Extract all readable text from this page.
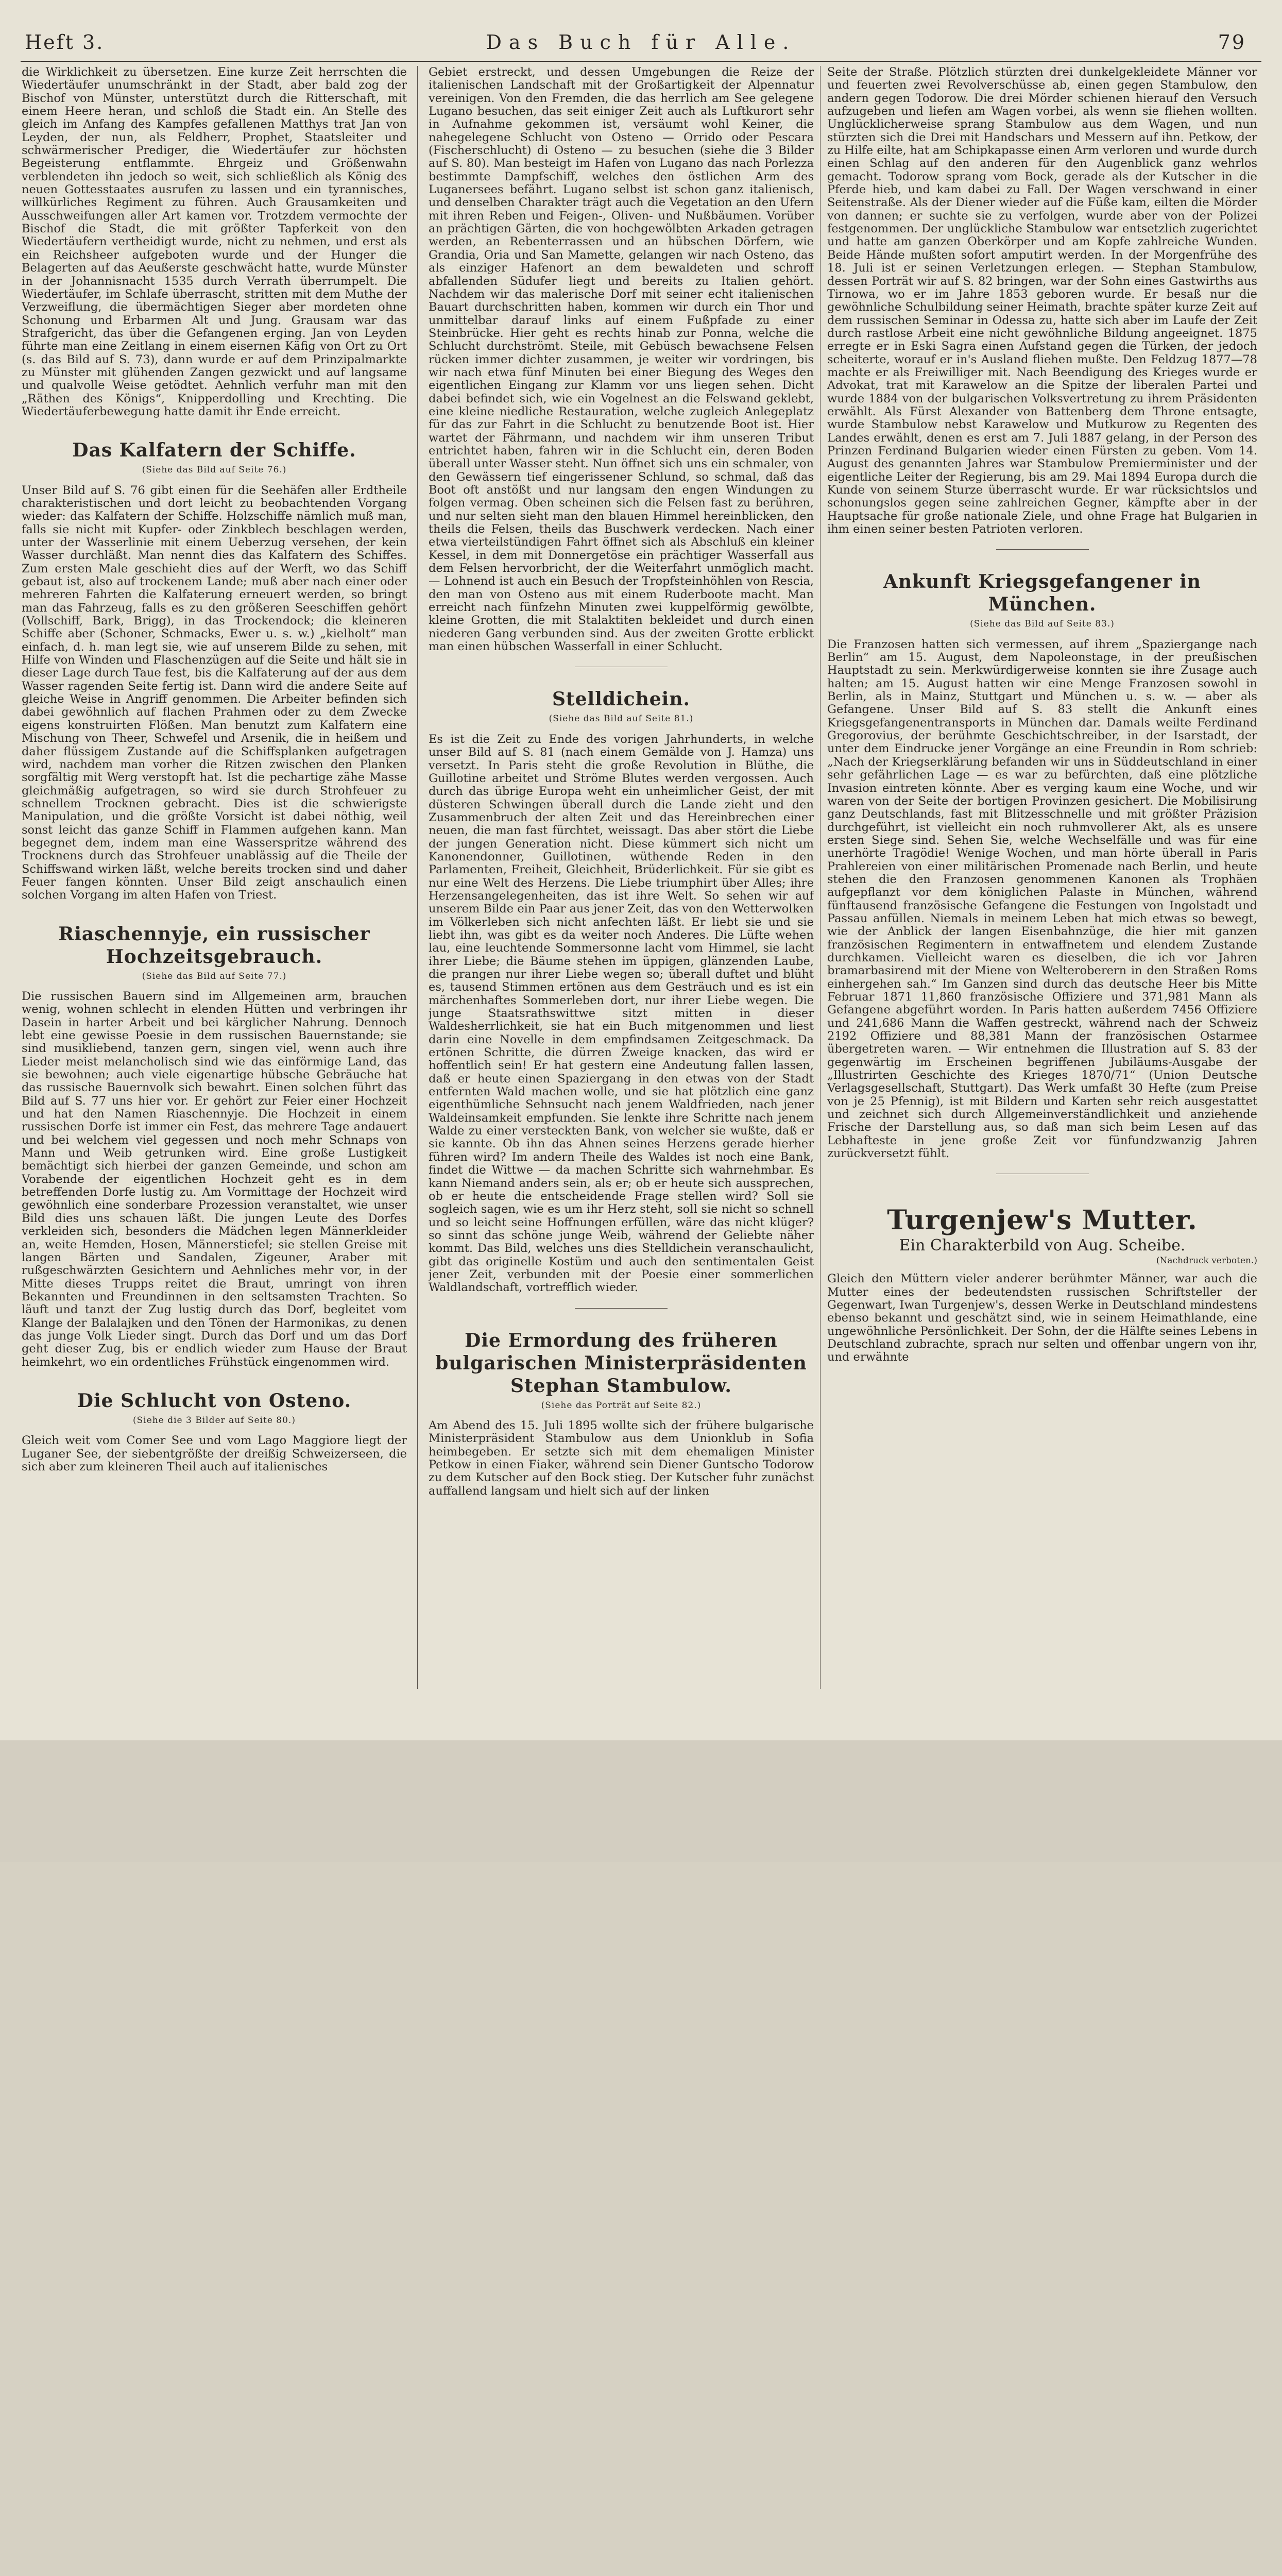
Heft 3.	Das Buch für Alle.	79

die Wirklichkeit zu übersetzen. Eine kurze Zeit herrschten die Wiedertäufer unumschränkt in der Stadt, aber bald zog der Bischof von Münster, unterstützt durch die Ritterschaft, mit einem Heere heran, und schloß die Stadt ein. An Stelle des gleich im Anfang des Kampfes gefallenen Matthys trat Jan von Leyden, der nun, als Feldherr, Prophet, Staatsleiter und schwärmerischer Prediger, die Wiedertäufer zur höchsten Begeisterung entflammte. Ehrgeiz und Größenwahn verblendeten ihn jedoch so weit, sich schließlich als König des neuen Gottesstaates ausrufen zu lassen und ein tyrannisches, willkürliches Regiment zu führen. Auch Grausamkeiten und Ausschweifungen aller Art kamen vor. Trotzdem vermochte der Bischof die Stadt, die mit größter Tapferkeit von den Wiedertäufern vertheidigt wurde, nicht zu nehmen, und erst als ein Reichsheer aufgeboten wurde und der Hunger die Belagerten auf das Aeußerste geschwächt hatte, wurde Münster in der Johannisnacht 1535 durch Verrath überrumpelt. Die Wiedertäufer, im Schlafe überrascht, stritten mit dem Muthe der Verzweiflung, die übermächtigen Sieger aber mordeten ohne Schonung und Erbarmen Alt und Jung. Grausam war das Strafgericht, das über die Gefangenen erging. Jan von Leyden führte man eine Zeitlang in einem eisernen Käfig von Ort zu Ort (s. das Bild auf S. 73), dann wurde er auf dem Prinzipalmarkte zu Münster mit glühenden Zangen gezwickt und auf langsame und qualvolle Weise getödtet. Aehnlich verfuhr man mit den „Räthen des Königs“, Knipperdolling und Krechting. Die Wiedertäuferbewegung hatte damit ihr Ende erreicht.

Das Kalfatern der Schiffe.
(Siehe das Bild auf Seite 76.)

Unser Bild auf S. 76 gibt einen für die Seehäfen aller Erdtheile charakteristischen und dort leicht zu beobachtenden Vorgang wieder: das Kalfatern der Schiffe. Holzschiffe nämlich muß man, falls sie nicht mit Kupfer- oder Zinkblech beschlagen werden, unter der Wasserlinie mit einem Ueberzug versehen, der kein Wasser durchläßt. Man nennt dies das Kalfatern des Schiffes. Zum ersten Male geschieht dies auf der Werft, wo das Schiff gebaut ist, also auf trockenem Lande; muß aber nach einer oder mehreren Fahrten die Kalfaterung erneuert werden, so bringt man das Fahrzeug, falls es zu den größeren Seeschiffen gehört (Vollschiff, Bark, Brigg), in das Trockendock; die kleineren Schiffe aber (Schoner, Schmacks, Ewer u. s. w.) „kielholt“ man einfach, d. h. man legt sie, wie auf unserem Bilde zu sehen, mit Hilfe von Winden und Flaschenzügen auf die Seite und hält sie in dieser Lage durch Taue fest, bis die Kalfaterung auf der aus dem Wasser ragenden Seite fertig ist. Dann wird die andere Seite auf gleiche Weise in Angriff genommen. Die Arbeiter befinden sich dabei gewöhnlich auf flachen Prahmen oder zu dem Zwecke eigens konstruirten Flößen. Man benutzt zum Kalfatern eine Mischung von Theer, Schwefel und Arsenik, die in heißem und daher flüssigem Zustande auf die Schiffsplanken aufgetragen wird, nachdem man vorher die Ritzen zwischen den Planken sorgfältig mit Werg verstopft hat. Ist die pechartige zähe Masse gleichmäßig aufgetragen, so wird sie durch Strohfeuer zu schnellem Trocknen gebracht. Dies ist die schwierigste Manipulation, und die größte Vorsicht ist dabei nöthig, weil sonst leicht das ganze Schiff in Flammen aufgehen kann. Man begegnet dem, indem man eine Wasserspritze während des Trocknens durch das Strohfeuer unablässig auf die Theile der Schiffswand wirken läßt, welche bereits trocken sind und daher Feuer fangen könnten. Unser Bild zeigt anschaulich einen solchen Vorgang im alten Hafen von Triest.

Riaschennyje, ein russischer Hochzeitsgebrauch.
(Siehe das Bild auf Seite 77.)

Die russischen Bauern sind im Allgemeinen arm, brauchen wenig, wohnen schlecht in elenden Hütten und verbringen ihr Dasein in harter Arbeit und bei kärglicher Nahrung. Dennoch lebt eine gewisse Poesie in dem russischen Bauernstande; sie sind musikliebend, tanzen gern, singen viel, wenn auch ihre Lieder meist melancholisch sind wie das einförmige Land, das sie bewohnen; auch viele eigenartige hübsche Gebräuche hat das russische Bauernvolk sich bewahrt. Einen solchen führt das Bild auf S. 77 uns hier vor. Er gehört zur Feier einer Hochzeit und hat den Namen Riaschennyje. Die Hochzeit in einem russischen Dorfe ist immer ein Fest, das mehrere Tage andauert und bei welchem viel gegessen und noch mehr Schnaps von Mann und Weib getrunken wird. Eine große Lustigkeit bemächtigt sich hierbei der ganzen Gemeinde, und schon am Vorabende der eigentlichen Hochzeit geht es in dem betreffenden Dorfe lustig zu. Am Vormittage der Hochzeit wird gewöhnlich eine sonderbare Prozession veranstaltet, wie unser Bild dies uns schauen läßt. Die jungen Leute des Dorfes verkleiden sich, besonders die Mädchen legen Männerkleider an, weite Hemden, Hosen, Männerstiefel; sie stellen Greise mit langen Bärten und Sandalen, Zigeuner, Araber mit rußgeschwärzten Gesichtern und Aehnliches mehr vor, in der Mitte dieses Trupps reitet die Braut, umringt von ihren Bekannten und Freundinnen in den seltsamsten Trachten. So läuft und tanzt der Zug lustig durch das Dorf, begleitet vom Klange der Balalajken und den Tönen der Harmonikas, zu denen das junge Volk Lieder singt. Durch das Dorf und um das Dorf geht dieser Zug, bis er endlich wieder zum Hause der Braut heimkehrt, wo ein ordentliches Frühstück eingenommen wird.

Die Schlucht von Osteno.
(Siehe die 3 Bilder auf Seite 80.)

Gleich weit vom Comer See und vom Lago Maggiore liegt der Luganer See, der siebentgrößte der dreißig Schweizerseen, die sich aber zum kleineren Theil auch auf italienisches

Gebiet erstreckt, und dessen Umgebungen die Reize der italienischen Landschaft mit der Großartigkeit der Alpennatur vereinigen. Von den Fremden, die das herrlich am See gelegene Lugano besuchen, das seit einiger Zeit auch als Luftkurort sehr in Aufnahme gekommen ist, versäumt wohl Keiner, die nahegelegene Schlucht von Osteno — Orrido oder Pescara (Fischerschlucht) di Osteno — zu besuchen (siehe die 3 Bilder auf S. 80). Man besteigt im Hafen von Lugano das nach Porlezza bestimmte Dampfschiff, welches den östlichen Arm des Luganersees befährt. Lugano selbst ist schon ganz italienisch, und denselben Charakter trägt auch die Vegetation an den Ufern mit ihren Reben und Feigen-, Oliven- und Nußbäumen. Vorüber an prächtigen Gärten, die von hochgewölbten Arkaden getragen werden, an Rebenterrassen und an hübschen Dörfern, wie Grandia, Oria und San Mamette, gelangen wir nach Osteno, das als einziger Hafenort an dem bewaldeten und schroff abfallenden Südufer liegt und bereits zu Italien gehört. Nachdem wir das malerische Dorf mit seiner echt italienischen Bauart durchschritten haben, kommen wir durch ein Thor und unmittelbar darauf links auf einem Fußpfade zu einer Steinbrücke. Hier geht es rechts hinab zur Ponna, welche die Schlucht durchströmt. Steile, mit Gebüsch bewachsene Felsen rücken immer dichter zusammen, je weiter wir vordringen, bis wir nach etwa fünf Minuten bei einer Biegung des Weges den eigentlichen Eingang zur Klamm vor uns liegen sehen. Dicht dabei befindet sich, wie ein Vogelnest an die Felswand geklebt, eine kleine niedliche Restauration, welche zugleich Anlegeplatz für das zur Fahrt in die Schlucht zu benutzende Boot ist. Hier wartet der Fährmann, und nachdem wir ihm unseren Tribut entrichtet haben, fahren wir in die Schlucht ein, deren Boden überall unter Wasser steht. Nun öffnet sich uns ein schmaler, von den Gewässern tief eingerissener Schlund, so schmal, daß das Boot oft anstößt und nur langsam den engen Windungen zu folgen vermag. Oben scheinen sich die Felsen fast zu berühren, und nur selten sieht man den blauen Himmel hereinblicken, den theils die Felsen, theils das Buschwerk verdecken. Nach einer etwa vierteilstündigen Fahrt öffnet sich als Abschluß ein kleiner Kessel, in dem mit Donnergetöse ein prächtiger Wasserfall aus dem Felsen hervorbricht, der die Weiterfahrt unmöglich macht. — Lohnend ist auch ein Besuch der Tropfsteinhöhlen von Rescia, den man von Osteno aus mit einem Ruderboote macht. Man erreicht nach fünfzehn Minuten zwei kuppelförmig gewölbte, kleine Grotten, die mit Stalaktiten bekleidet und durch einen niederen Gang verbunden sind. Aus der zweiten Grotte erblickt man einen hübschen Wasserfall in einer Schlucht.

Stelldichein.
(Siehe das Bild auf Seite 81.)

Es ist die Zeit zu Ende des vorigen Jahrhunderts, in welche unser Bild auf S. 81 (nach einem Gemälde von J. Hamza) uns versetzt. In Paris steht die große Revolution in Blüthe, die Guillotine arbeitet und Ströme Blutes werden vergossen. Auch durch das übrige Europa weht ein unheimlicher Geist, der mit düsteren Schwingen überall durch die Lande zieht und den Zusammenbruch der alten Zeit und das Hereinbrechen einer neuen, die man fast fürchtet, weissagt. Das aber stört die Liebe der jungen Generation nicht. Diese kümmert sich nicht um Kanonendonner, Guillotinen, wüthende Reden in den Parlamenten, Freiheit, Gleichheit, Brüderlichkeit. Für sie gibt es nur eine Welt des Herzens. Die Liebe triumphirt über Alles; ihre Herzensangelegenheiten, das ist ihre Welt. So sehen wir auf unserem Bilde ein Paar aus jener Zeit, das von den Wetterwolken im Völkerleben sich nicht anfechten läßt. Er liebt sie und sie liebt ihn, was gibt es da weiter noch Anderes. Die Lüfte wehen lau, eine leuchtende Sommersonne lacht vom Himmel, sie lacht ihrer Liebe; die Bäume stehen im üppigen, glänzenden Laube, die prangen nur ihrer Liebe wegen so; überall duftet und blüht es, tausend Stimmen ertönen aus dem Gesträuch und es ist ein märchenhaftes Sommerleben dort, nur ihrer Liebe wegen. Die junge Staatsrathswittwe sitzt mitten in dieser Waldesherrlichkeit, sie hat ein Buch mitgenommen und liest darin eine Novelle in dem empfindsamen Zeitgeschmack. Da ertönen Schritte, die dürren Zweige knacken, das wird er hoffentlich sein! Er hat gestern eine Andeutung fallen lassen, daß er heute einen Spaziergang in den etwas von der Stadt entfernten Wald machen wolle, und sie hat plötzlich eine ganz eigenthümliche Sehnsucht nach jenem Waldfrieden, nach jener Waldeinsamkeit empfunden. Sie lenkte ihre Schritte nach jenem Walde zu einer versteckten Bank, von welcher sie wußte, daß er sie kannte. Ob ihn das Ahnen seines Herzens gerade hierher führen wird? Im andern Theile des Waldes ist noch eine Bank, findet die Wittwe — da machen Schritte sich wahrnehmbar. Es kann Niemand anders sein, als er; ob er heute sich aussprechen, ob er heute die entscheidende Frage stellen wird? Soll sie sogleich sagen, wie es um ihr Herz steht, soll sie nicht so schnell und so leicht seine Hoffnungen erfüllen, wäre das nicht klüger? so sinnt das schöne junge Weib, während der Geliebte näher kommt. Das Bild, welches uns dies Stelldichein veranschaulicht, gibt das originelle Kostüm und auch den sentimentalen Geist jener Zeit, verbunden mit der Poesie einer sommerlichen Waldlandschaft, vortrefflich wieder.

Die Ermordung des früheren bulgarischen Ministerpräsidenten Stephan Stambulow.
(Siehe das Porträt auf Seite 82.)

Am Abend des 15. Juli 1895 wollte sich der frühere bulgarische Ministerpräsident Stambulow aus dem Unionklub in Sofia heimbegeben. Er setzte sich mit dem ehemaligen Minister Petkow in einen Fiaker, während sein Diener Guntscho Todorow zu dem Kutscher auf den Bock stieg. Der Kutscher fuhr zunächst auffallend langsam und hielt sich auf der linken

Seite der Straße. Plötzlich stürzten drei dunkelgekleidete Männer vor und feuerten zwei Revolverschüsse ab, einen gegen Stambulow, den andern gegen Todorow. Die drei Mörder schienen hierauf den Versuch aufzugeben und liefen am Wagen vorbei, als wenn sie fliehen wollten. Unglücklicherweise sprang Stambulow aus dem Wagen, und nun stürzten sich die Drei mit Handschars und Messern auf ihn. Petkow, der zu Hilfe eilte, hat am Schipkapasse einen Arm verloren und wurde durch einen Schlag auf den anderen für den Augenblick ganz wehrlos gemacht. Todorow sprang vom Bock, gerade als der Kutscher in die Pferde hieb, und kam dabei zu Fall. Der Wagen verschwand in einer Seitenstraße. Als der Diener wieder auf die Füße kam, eilten die Mörder von dannen; er suchte sie zu verfolgen, wurde aber von der Polizei festgenommen. Der unglückliche Stambulow war entsetzlich zugerichtet und hatte am ganzen Oberkörper und am Kopfe zahlreiche Wunden. Beide Hände mußten sofort amputirt werden. In der Morgenfrühe des 18. Juli ist er seinen Verletzungen erlegen. — Stephan Stambulow, dessen Porträt wir auf S. 82 bringen, war der Sohn eines Gastwirths aus Tirnowa, wo er im Jahre 1853 geboren wurde. Er besaß nur die gewöhnliche Schulbildung seiner Heimath, brachte später kurze Zeit auf dem russischen Seminar in Odessa zu, hatte sich aber im Laufe der Zeit durch rastlose Arbeit eine nicht gewöhnliche Bildung angeeignet. 1875 erregte er in Eski Sagra einen Aufstand gegen die Türken, der jedoch scheiterte, worauf er in's Ausland fliehen mußte. Den Feldzug 1877—78 machte er als Freiwilliger mit. Nach Beendigung des Krieges wurde er Advokat, trat mit Karawelow an die Spitze der liberalen Partei und wurde 1884 von der bulgarischen Volksvertretung zu ihrem Präsidenten erwählt. Als Fürst Alexander von Battenberg dem Throne entsagte, wurde Stambulow nebst Karawelow und Mutkurow zu Regenten des Landes erwählt, denen es erst am 7. Juli 1887 gelang, in der Person des Prinzen Ferdinand Bulgarien wieder einen Fürsten zu geben. Vom 14. August des genannten Jahres war Stambulow Premierminister und der eigentliche Leiter der Regierung, bis am 29. Mai 1894 Europa durch die Kunde von seinem Sturze überrascht wurde. Er war rücksichtslos und schonungslos gegen seine zahlreichen Gegner, kämpfte aber in der Hauptsache für große nationale Ziele, und ohne Frage hat Bulgarien in ihm einen seiner besten Patrioten verloren.

Ankunft Kriegsgefangener in München.
(Siehe das Bild auf Seite 83.)

Die Franzosen hatten sich vermessen, auf ihrem „Spaziergange nach Berlin“ am 15. August, dem Napoleonstage, in der preußischen Hauptstadt zu sein. Merkwürdigerweise konnten sie ihre Zusage auch halten; am 15. August hatten wir eine Menge Franzosen sowohl in Berlin, als in Mainz, Stuttgart und München u. s. w. — aber als Gefangene. Unser Bild auf S. 83 stellt die Ankunft eines Kriegsgefangenentransports in München dar. Damals weilte Ferdinand Gregorovius, der berühmte Geschichtschreiber, in der Isarstadt, der unter dem Eindrucke jener Vorgänge an eine Freundin in Rom schrieb: „Nach der Kriegserklärung befanden wir uns in Süddeutschland in einer sehr gefährlichen Lage — es war zu befürchten, daß eine plötzliche Invasion eintreten könnte. Aber es verging kaum eine Woche, und wir waren von der Seite der bortigen Provinzen gesichert. Die Mobilisirung ganz Deutschlands, fast mit Blitzesschnelle und mit größter Präzision durchgeführt, ist vielleicht ein noch ruhmvollerer Akt, als es unsere ersten Siege sind. Sehen Sie, welche Wechselfälle und was für eine unerhörte Tragödie! Wenige Wochen, und man hörte überall in Paris Prahlereien von einer militärischen Promenade nach Berlin, und heute stehen die den Franzosen genommenen Kanonen als Trophäen aufgepflanzt vor dem königlichen Palaste in München, während fünftausend französische Gefangene die Festungen von Ingolstadt und Passau anfüllen. Niemals in meinem Leben hat mich etwas so bewegt, wie der Anblick der langen Eisenbahnzüge, die hier mit ganzen französischen Regimentern in entwaffnetem und elendem Zustande durchkamen. Vielleicht waren es dieselben, die ich vor Jahren bramarbasirend mit der Miene von Welteroberern in den Straßen Roms einhergehen sah.“ Im Ganzen sind durch das deutsche Heer bis Mitte Februar 1871 11,860 französische Offiziere und 371,981 Mann als Gefangene abgeführt worden. In Paris hatten außerdem 7456 Offiziere und 241,686 Mann die Waffen gestreckt, während nach der Schweiz 2192 Offiziere und 88,381 Mann der französischen Ostarmee übergetreten waren. — Wir entnehmen die Illustration auf S. 83 der gegenwärtig im Erscheinen begriffenen Jubiläums-Ausgabe der „Illustrirten Geschichte des Krieges 1870/71“ (Union Deutsche Verlagsgesellschaft, Stuttgart). Das Werk umfaßt 30 Hefte (zum Preise von je 25 Pfennig), ist mit Bildern und Karten sehr reich ausgestattet und zeichnet sich durch Allgemeinverständlichkeit und anziehende Frische der Darstellung aus, so daß man sich beim Lesen auf das Lebhafteste in jene große Zeit vor fünfundzwanzig Jahren zurückversetzt fühlt.

Turgenjew's Mutter.
Ein Charakterbild von Aug. Scheibe.
(Nachdruck verboten.)

Gleich den Müttern vieler anderer berühmter Männer, war auch die Mutter eines der bedeutendsten russischen Schriftsteller der Gegenwart, Iwan Turgenjew's, dessen Werke in Deutschland mindestens ebenso bekannt und geschätzt sind, wie in seinem Heimathlande, eine ungewöhnliche Persönlichkeit. Der Sohn, der die Hälfte seines Lebens in Deutschland zubrachte, sprach nur selten und offenbar ungern von ihr, und erwähnte
